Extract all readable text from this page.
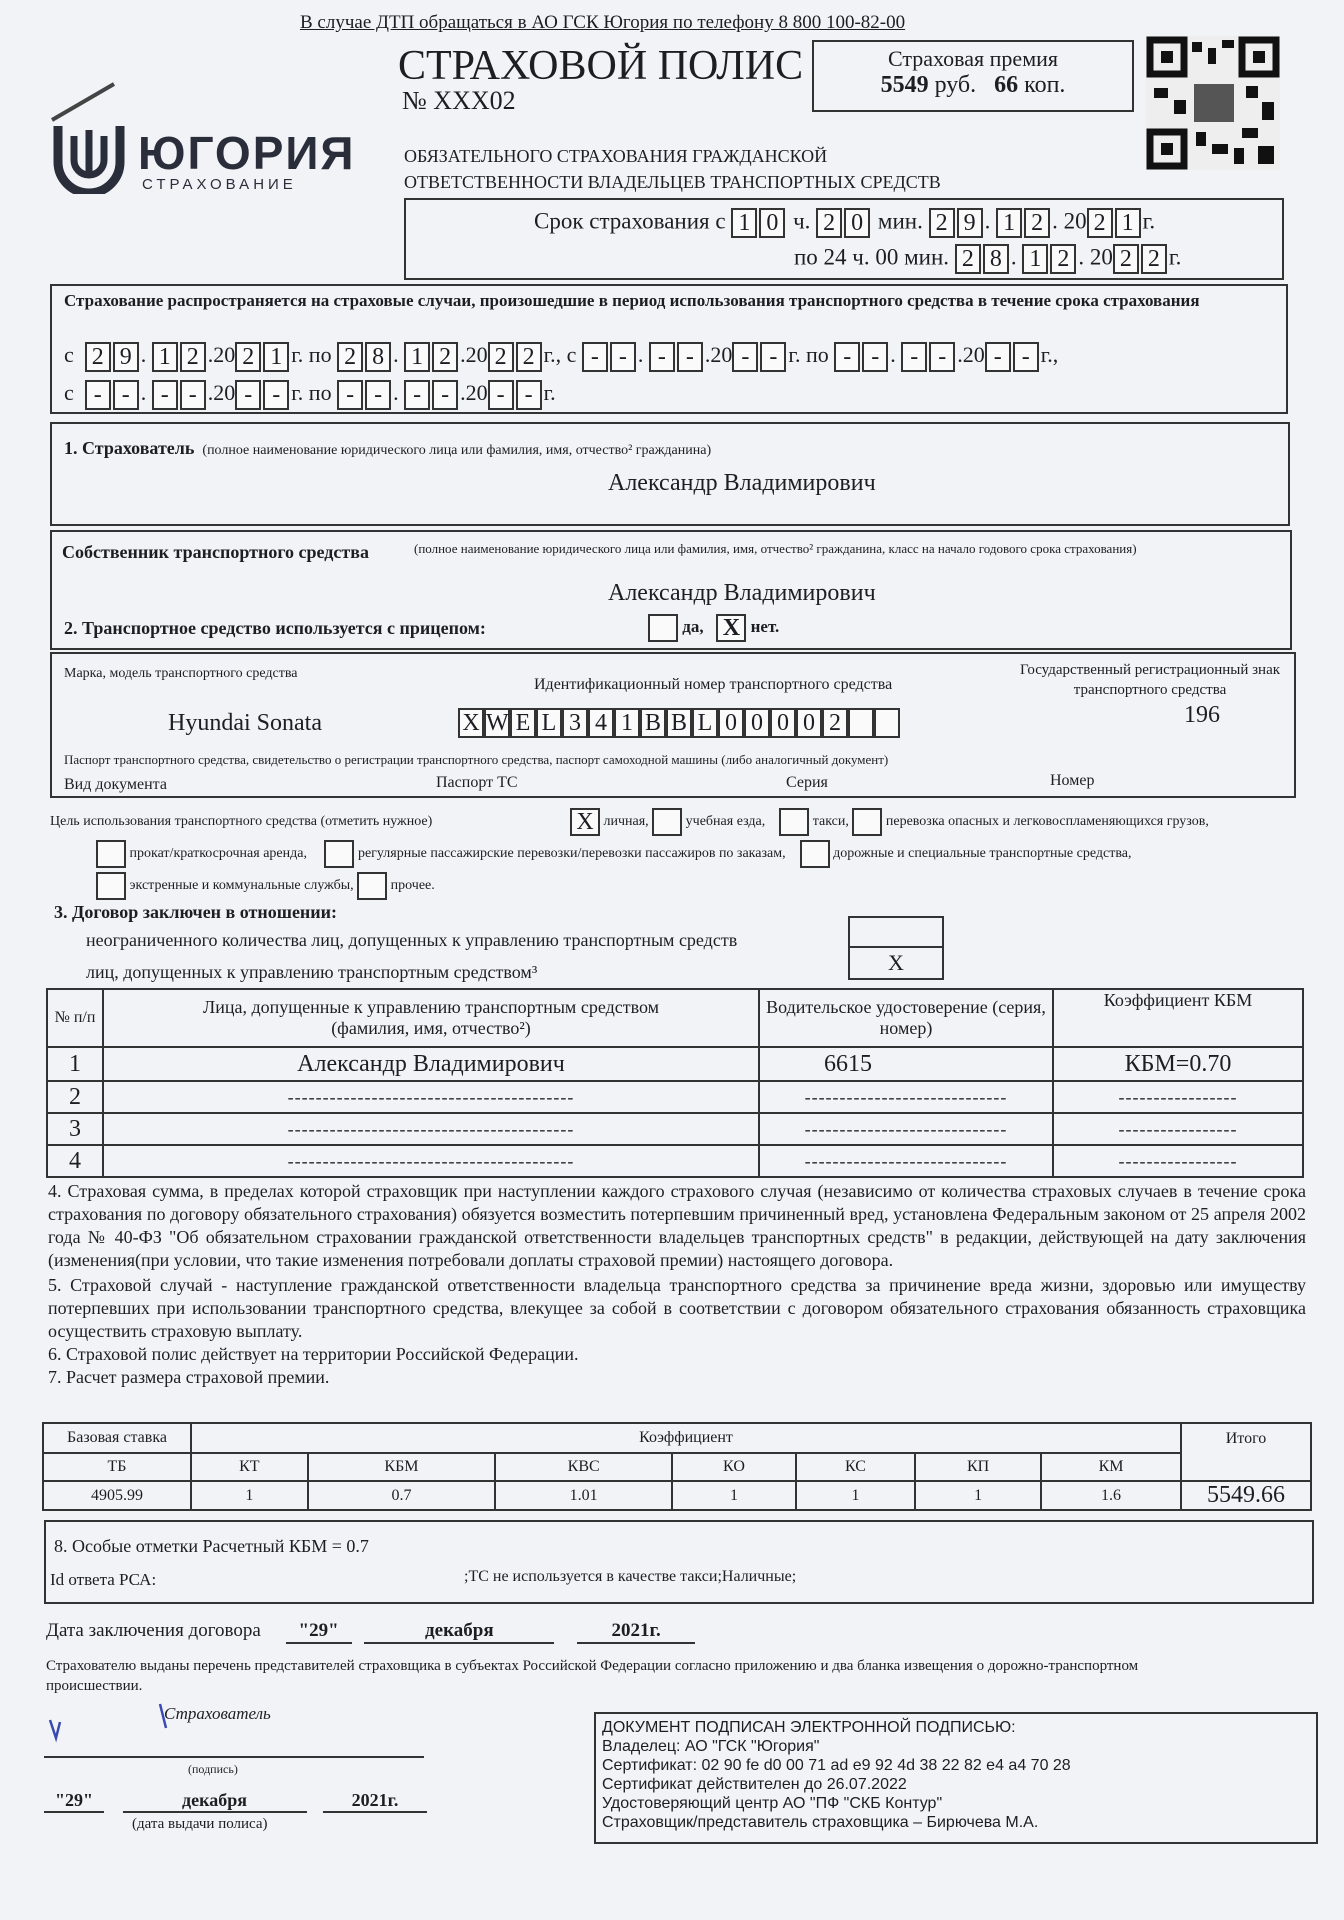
В случае ДТП обращаться в АО ГСК Югория по телефону 8 800 100-82-00
ЮГОРИЯ
СТРАХОВАНИЕ
СТРАХОВОЙ ПОЛИС
№ ХХХ02
Страховая премия
5549 руб. 66 коп.
ОБЯЗАТЕЛЬНОГО СТРАХОВАНИЯ ГРАЖДАНСКОЙ
ОТВЕТСТВЕННОСТИ ВЛАДЕЛЬЦЕВ ТРАНСПОРТНЫХ СРЕДСТВ
Срок страхования с 1 0 ч. 2 0 мин. 2 9 . 1 2 . 20 2 1 г.
по 24 ч. 00 мин. 2 8 . 1 2 . 20 2 2 г.
Страхование распространяется на страховые случаи, произошедшие в период использования транспортного средства в течение срока страхования
с 2 9 . 1 2 .20 2 1 г. по 2 8 . 1 2 .20 2 2 г., с - - . - - .20 - - г. по - - . - - .20 - - г.,
с - - . - - .20 - - г. по - - . - - .20 - - г.
1. Страхователь (полное наименование юридического лица или фамилия, имя, отчество² гражданина)
Александр Владимирович
Собственник транспортного средства	(полное наименование юридического лица или фамилия, имя, отчество² гражданина, класс на начало годового срока страхования)
Александр Владимирович
2. Транспортное средство используется с прицепом:	да, X нет.
Марка, модель транспортного средства
Hyundai Sonata
Идентификационный номер транспортного средства
X W E L 3 4 1 B B L 0 0 0 0 2
Государственный регистрационный знак транспортного средства
196
Паспорт транспортного средства, свидетельство о регистрации транспортного средства, паспорт самоходной машины (либо аналогичный документ)
Вид документа	Паспорт ТС	Серия	Номер
Цель использования транспортного средства (отметить нужное)	X личная,	учебная езда,	такси,	перевозка опасных и легковоспламеняющихся грузов,
прокат/краткосрочная аренда,	регулярные пассажирские перевозки/перевозки пассажиров по заказам,	дорожные и специальные транспортные средства,
экстренные и коммунальные службы,	прочее.
3. Договор заключен в отношении:
неограниченного количества лиц, допущенных к управлению транспортным средств
лиц, допущенных к управлению транспортным средством³	X
№ п/п	Лица, допущенные к управлению транспортным средством (фамилия, имя, отчество²)	Водительское удостоверение (серия, номер)	Коэффициент КБМ
1	Александр Владимирович	6615	КБМ=0.70
2	-----------------------------------------	-----------------------------	-----------------
3	-----------------------------------------	-----------------------------	-----------------
4	-----------------------------------------	-----------------------------	-----------------
4. Страховая сумма, в пределах которой страховщик при наступлении каждого страхового случая (независимо от количества страховых случаев в течение срока страхования по договору обязательного страхования) обязуется возместить потерпевшим причиненный вред, установлена Федеральным законом от 25 апреля 2002 года № 40-ФЗ "Об обязательном страховании гражданской ответственности владельцев транспортных средств" в редакции, действующей на дату заключения (изменения(при условии, что такие изменения потребовали доплаты страховой премии) настоящего договора.
5. Страховой случай - наступление гражданской ответственности владельца транспортного средства за причинение вреда жизни, здоровью или имуществу потерпевших при использовании транспортного средства, влекущее за собой в соответствии с договором обязательного страхования обязанность страховщика осуществить страховую выплату.
6. Страховой полис действует на территории Российской Федерации.
7. Расчет размера страховой премии.
Базовая ставка	Коэффициент							Итого
ТБ	КТ	КБМ	КВС	КО	КС	КП	КМ	
4905.99	1	0.7	1.01	1	1	1	1.6	5549.66
8. Особые отметки Расчетный КБМ = 0.7
Id ответа РСА:	;ТС не используется в качестве такси;Наличные;
Дата заключения договора "29"	декабря	2021г.
Страхователю выданы перечень представителей страховщика в субъектах Российской Федерации согласно приложению и два бланка извещения о дорожно-транспортном происшествии.
Страхователь
(подпись)
"29"	декабря	2021г.
(дата выдачи полиса)
ДОКУМЕНТ ПОДПИСАН ЭЛЕКТРОННОЙ ПОДПИСЬЮ:
Владелец: АО "ГСК "Югория"
Сертификат: 02 90 fe d0 00 71 ad e9 92 4d 38 22 82 e4 a4 70 28
Сертификат действителен до 26.07.2022
Удостоверяющий центр АО "ПФ "СКБ Контур"
Страховщик/представитель страховщика – Бирючева М.А.
